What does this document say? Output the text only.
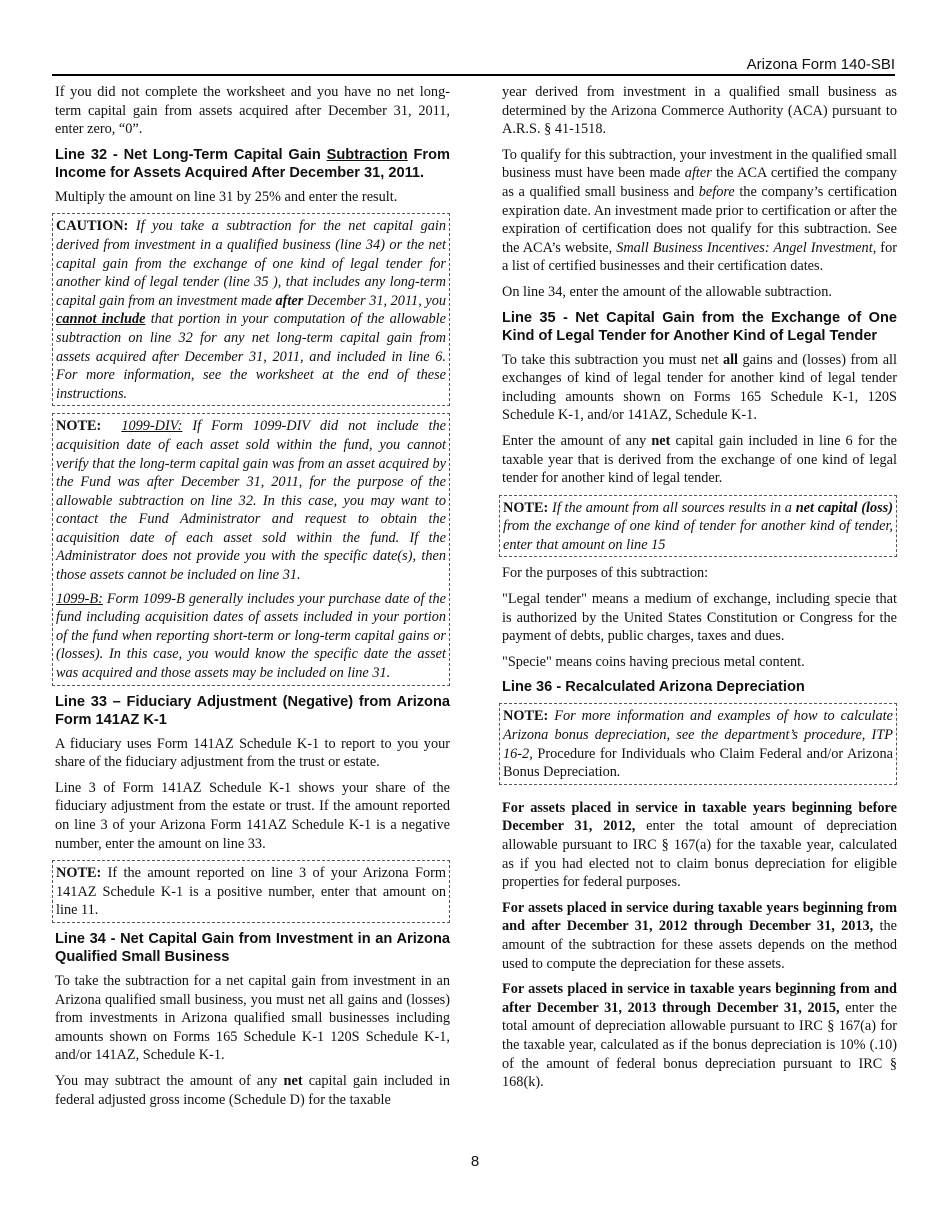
Arizona Form 140-SBI

If you did not complete the worksheet and you have no net long-term capital gain from assets acquired after December 31, 2011, enter zero, “0”.

Line 32 - Net Long-Term Capital Gain Subtraction From Income for Assets Acquired After December 31, 2011.

Multiply the amount on line 31 by 25% and enter the result.

CAUTION: If you take a subtraction for the net capital gain derived from investment in a qualified business (line 34) or the net capital gain from the exchange of one kind of legal tender for another kind of legal tender (line 35 ), that includes any long-term capital gain from an investment made after December 31, 2011, you cannot include that portion in your computation of the allowable subtraction on line 32 for any net long-term capital gain from assets acquired after December 31, 2011, and included in line 6. For more information, see the worksheet at the end of these instructions.

NOTE: 1099-DIV: If Form 1099-DIV did not include the acquisition date of each asset sold within the fund, you cannot verify that the long-term capital gain was from an asset acquired by the Fund was after December 31, 2011, for the purpose of the allowable subtraction on line 32. In this case, you may want to contact the Fund Administrator and request to obtain the acquisition date of each asset sold within the fund. If the Administrator does not provide you with the specific date(s), then those assets cannot be included on line 31.

1099-B: Form 1099-B generally includes your purchase date of the fund including acquisition dates of assets included in your portion of the fund when reporting short-term or long-term capital gains or (losses). In this case, you would know the specific date the asset was acquired and those assets may be included on line 31.

Line 33 – Fiduciary Adjustment (Negative) from Arizona Form 141AZ K-1

A fiduciary uses Form 141AZ Schedule K-1 to report to you your share of the fiduciary adjustment from the trust or estate.

Line 3 of Form 141AZ Schedule K-1 shows your share of the fiduciary adjustment from the estate or trust. If the amount reported on line 3 of your Arizona Form 141AZ Schedule K-1 is a negative number, enter the amount on line 33.

NOTE: If the amount reported on line 3 of your Arizona Form 141AZ Schedule K-1 is a positive number, enter that amount on line 11.

Line 34 - Net Capital Gain from Investment in an Arizona Qualified Small Business

To take the subtraction for a net capital gain from investment in an Arizona qualified small business, you must net all gains and (losses) from investments in Arizona qualified small businesses including amounts shown on Forms 165 Schedule K-1 120S Schedule K-1, and/or 141AZ, Schedule K-1.

You may subtract the amount of any net capital gain included in federal adjusted gross income (Schedule D) for the taxable

year derived from investment in a qualified small business as determined by the Arizona Commerce Authority (ACA) pursuant to A.R.S. § 41-1518.

To qualify for this subtraction, your investment in the qualified small business must have been made after the ACA certified the company as a qualified small business and before the company’s certification expiration date. An investment made prior to certification or after the expiration of certification does not qualify for this subtraction. See the ACA’s website, Small Business Incentives: Angel Investment, for a list of certified businesses and their certification dates.

On line 34, enter the amount of the allowable subtraction.

Line 35 - Net Capital Gain from the Exchange of One Kind of Legal Tender for Another Kind of Legal Tender

To take this subtraction you must net all gains and (losses) from all exchanges of kind of legal tender for another kind of legal tender including amounts shown on Forms 165 Schedule K-1, 120S Schedule K-1, and/or 141AZ, Schedule K-1.

Enter the amount of any net capital gain included in line 6 for the taxable year that is derived from the exchange of one kind of legal tender for another kind of legal tender.

NOTE: If the amount from all sources results in a net capital (loss) from the exchange of one kind of tender for another kind of tender, enter that amount on line 15

For the purposes of this subtraction:

"Legal tender" means a medium of exchange, including specie that is authorized by the United States Constitution or Congress for the payment of debts, public charges, taxes and dues.

"Specie" means coins having precious metal content.

Line 36 - Recalculated Arizona Depreciation

NOTE: For more information and examples of how to calculate Arizona bonus depreciation, see the department’s procedure, ITP 16-2, Procedure for Individuals who Claim Federal and/or Arizona Bonus Depreciation.

For assets placed in service in taxable years beginning before December 31, 2012, enter the total amount of depreciation allowable pursuant to IRC § 167(a) for the taxable year, calculated as if you had elected not to claim bonus depreciation for eligible properties for federal purposes.

For assets placed in service during taxable years beginning from and after December 31, 2012 through December 31, 2013, the amount of the subtraction for these assets depends on the method used to compute the depreciation for these assets.

For assets placed in service in taxable years beginning from and after December 31, 2013 through December 31, 2015, enter the total amount of depreciation allowable pursuant to IRC § 167(a) for the taxable year, calculated as if the bonus depreciation is 10% (.10) of the amount of federal bonus depreciation pursuant to IRC § 168(k).

8
